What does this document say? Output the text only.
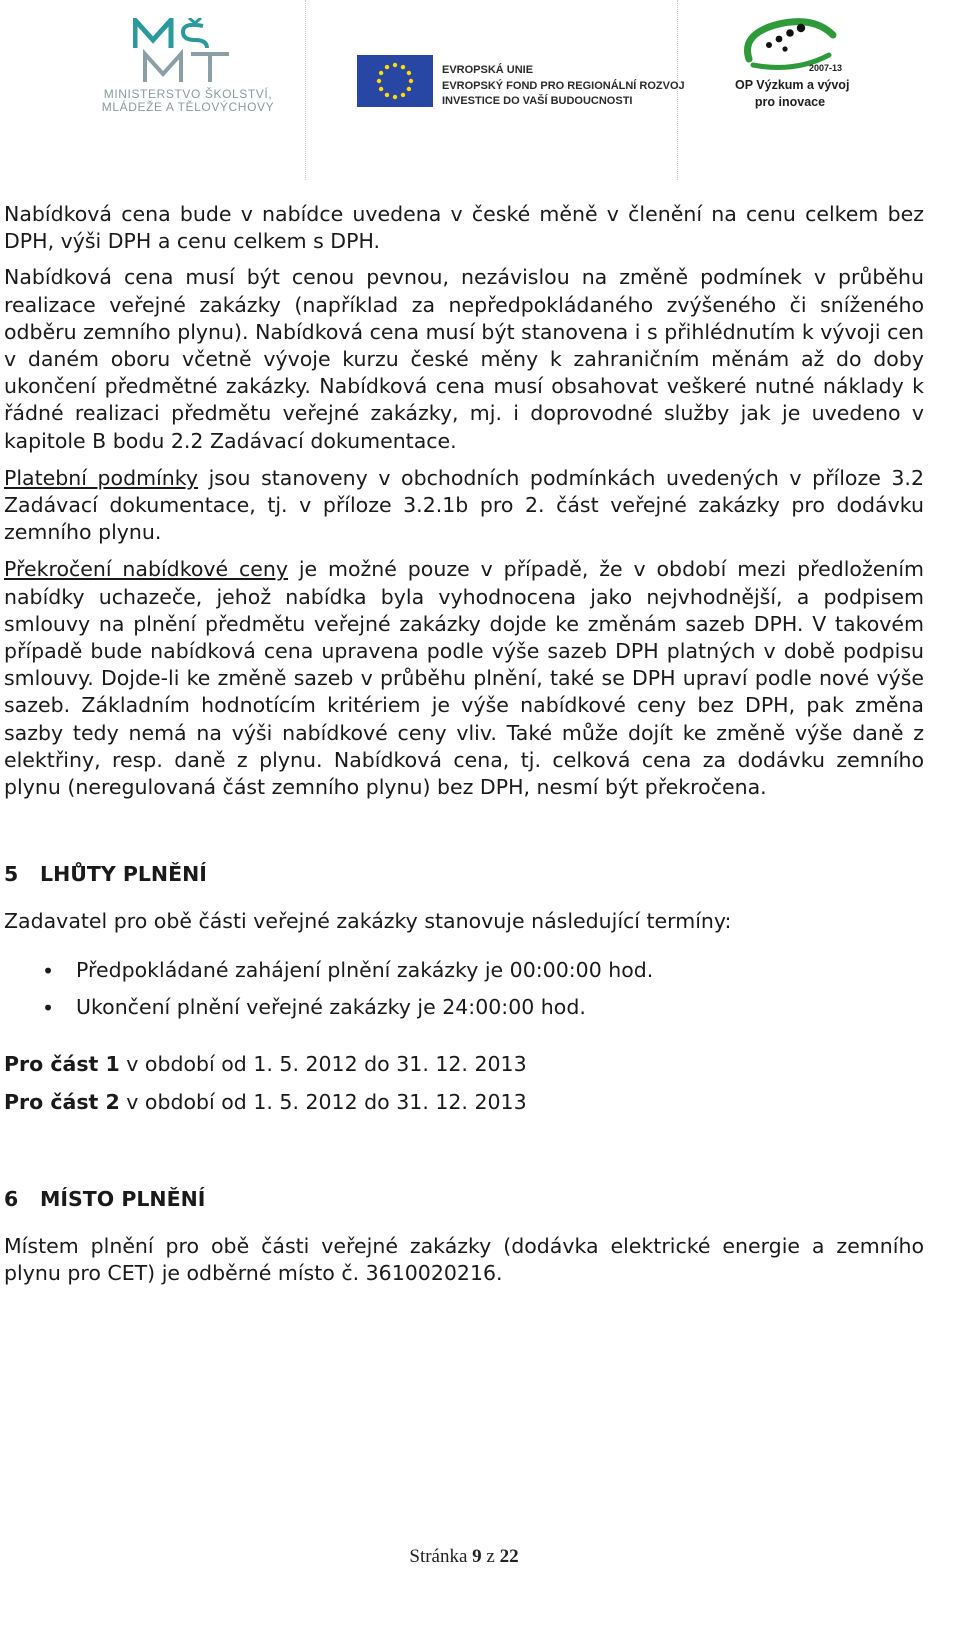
MINISTERSTVO ŠKOLSTVÍ,
MLÁDEŽE A TĚLOVÝCHOVY
EVROPSKÁ UNIE
EVROPSKÝ FOND PRO REGIONÁLNÍ ROZVOJ
INVESTICE DO VAŠÍ BUDOUCNOSTI
2007-13
OP Výzkum a vývoj
pro inovace

Nabídková cena bude v nabídce uvedena v české měně v členění na cenu celkem bez DPH, výši DPH a cenu celkem s DPH.

Nabídková cena musí být cenou pevnou, nezávislou na změně podmínek v průběhu realizace veřejné zakázky (například za nepředpokládaného zvýšeného či sníženého odběru zemního plynu). Nabídková cena musí být stanovena i s přihlédnutím k vývoji cen v daném oboru včetně vývoje kurzu české měny k zahraničním měnám až do doby ukončení předmětné zakázky. Nabídková cena musí obsahovat veškeré nutné náklady k řádné realizaci předmětu veřejné zakázky, mj. i doprovodné služby jak je uvedeno v kapitole B bodu 2.2 Zadávací dokumentace.

Platební podmínky jsou stanoveny v obchodních podmínkách uvedených v příloze 3.2 Zadávací dokumentace, tj. v příloze 3.2.1b pro 2. část veřejné zakázky pro dodávku zemního plynu.

Překročení nabídkové ceny je možné pouze v případě, že v období mezi předložením nabídky uchazeče, jehož nabídka byla vyhodnocena jako nejvhodnější, a podpisem smlouvy na plnění předmětu veřejné zakázky dojde ke změnám sazeb DPH. V takovém případě bude nabídková cena upravena podle výše sazeb DPH platných v době podpisu smlouvy. Dojde-li ke změně sazeb v průběhu plnění, také se DPH upraví podle nové výše sazeb. Základním hodnotícím kritériem je výše nabídkové ceny bez DPH, pak změna sazby tedy nemá na výši nabídkové ceny vliv. Také může dojít ke změně výše daně z elektřiny, resp. daně z plynu. Nabídková cena, tj. celková cena za dodávku zemního plynu (neregulovaná část zemního plynu) bez DPH, nesmí být překročena.

5 LHŮTY PLNĚNÍ

Zadavatel pro obě části veřejné zakázky stanovuje následující termíny:

• Předpokládané zahájení plnění zakázky je 00:00:00 hod.
• Ukončení plnění veřejné zakázky je 24:00:00 hod.

Pro část 1 v období od 1. 5. 2012 do 31. 12. 2013

Pro část 2 v období od 1. 5. 2012 do 31. 12. 2013

6 MÍSTO PLNĚNÍ

Místem plnění pro obě části veřejné zakázky (dodávka elektrické energie a zemního plynu pro CET) je odběrné místo č. 3610020216.

Stránka 9 z 22
